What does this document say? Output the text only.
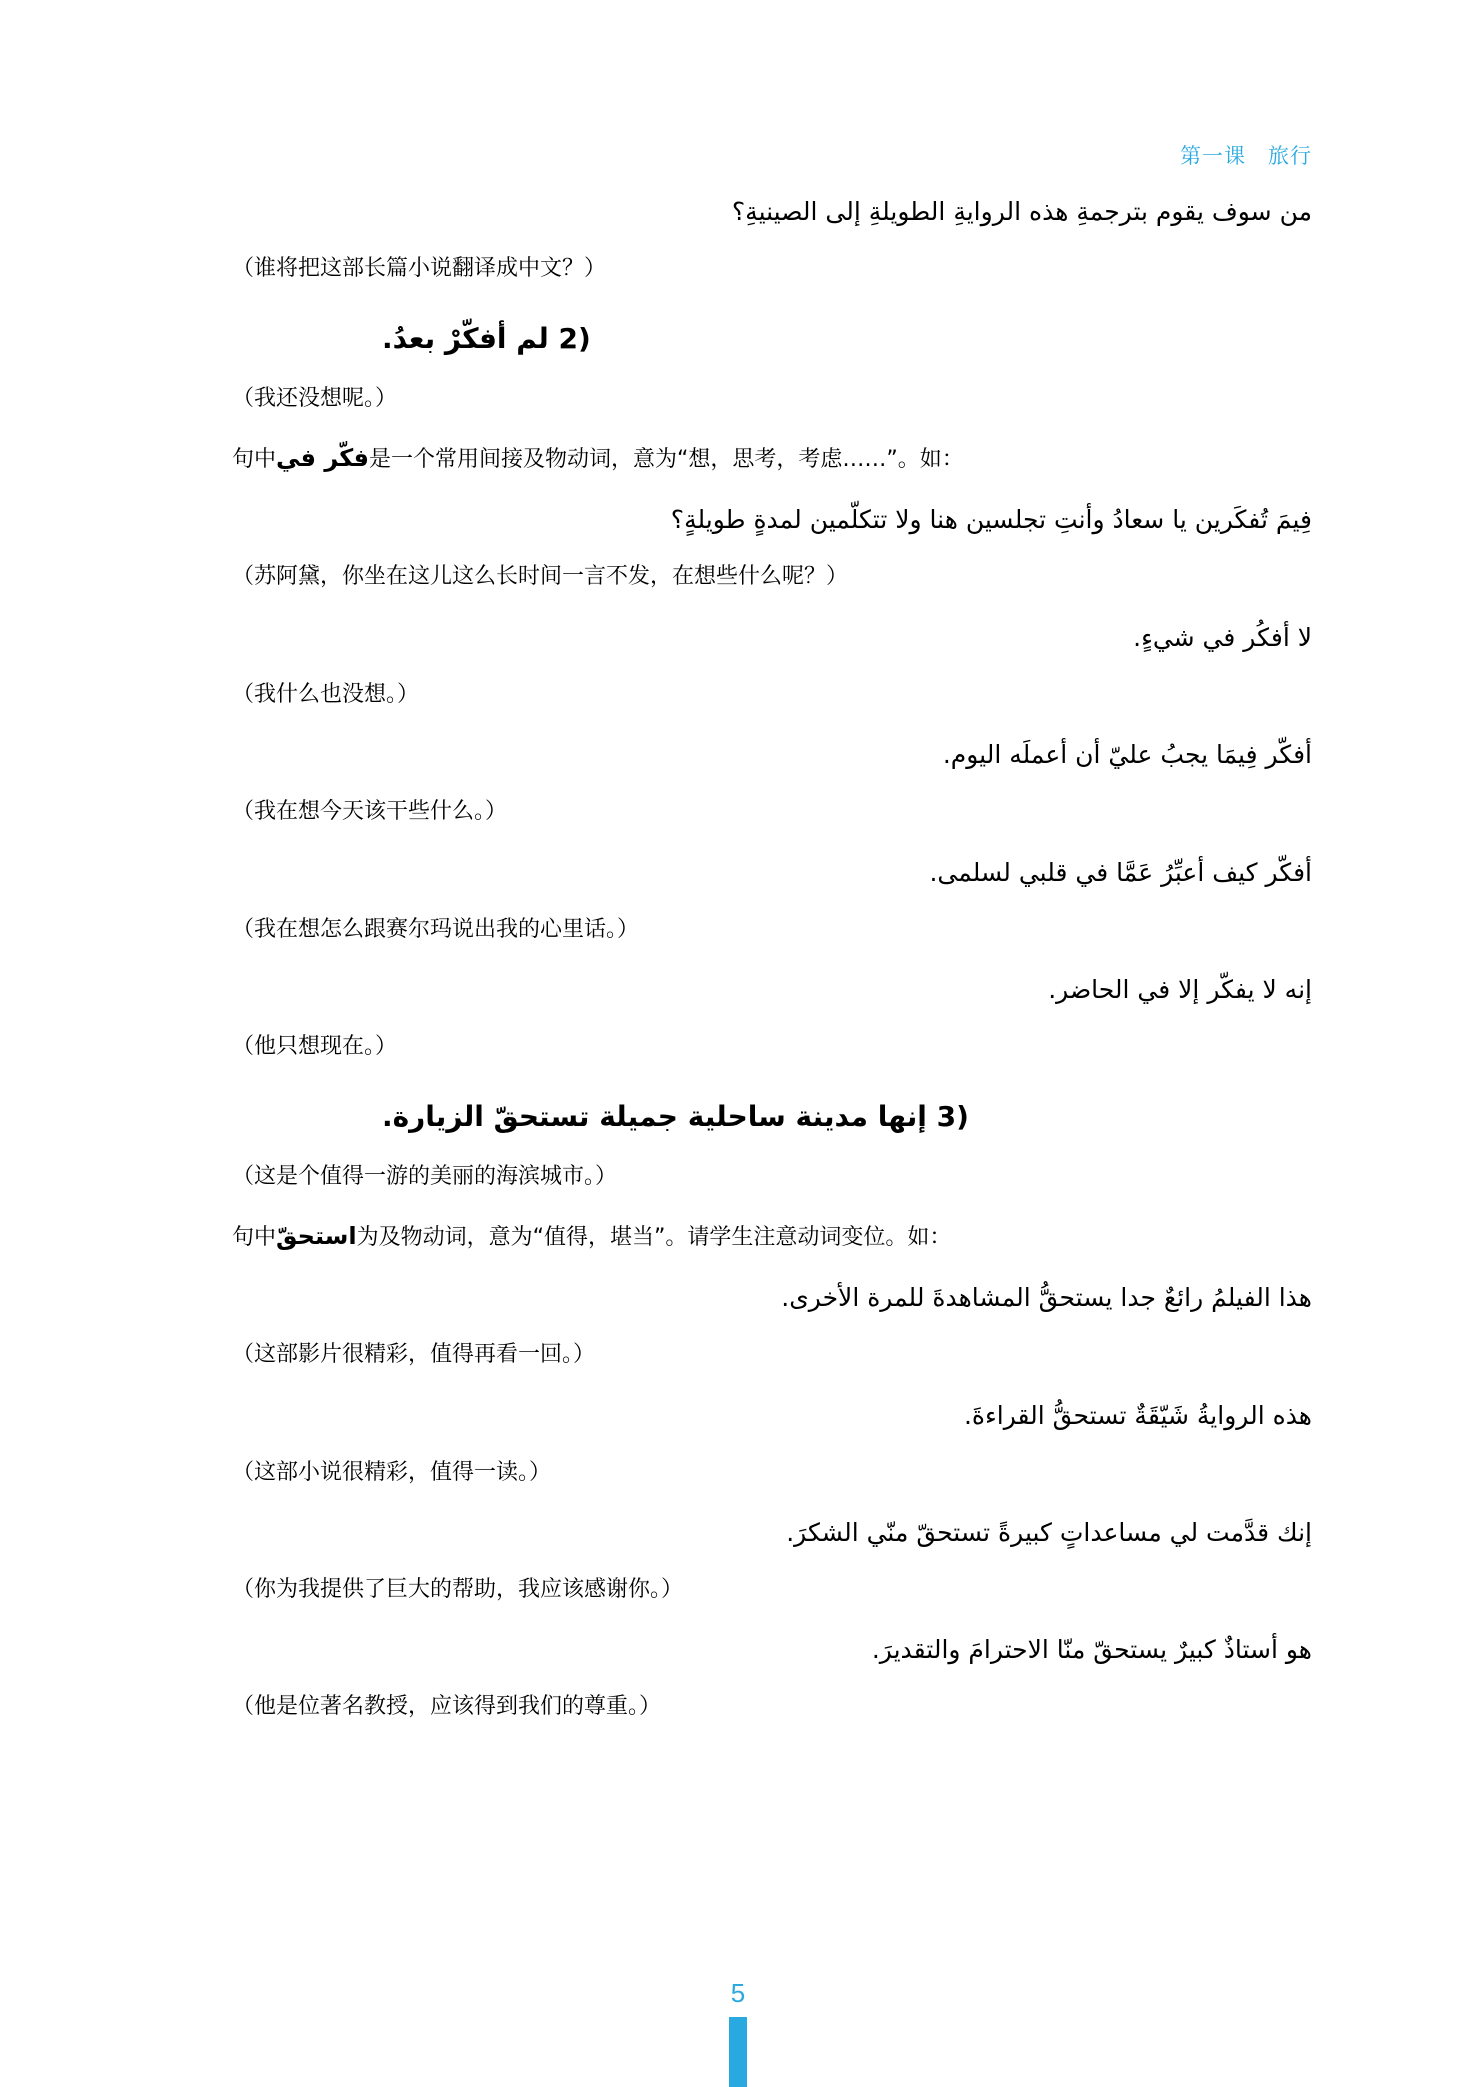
第一课　旅行
من سوف يقوم بترجمةِ هذه الروايةِ الطويلةِ إلى الصينيةِ؟
（谁将把这部长篇小说翻译成中文？）
2) لم أفكّرْ بعدُ.
（我还没想呢。）
句中فكّر في是一个常用间接及物动词，意为“想，思考，考虑……”。如：
فِيمَ تُفكَرين يا سعادُ وأنتِ تجلسين هنا ولا تتكلّمين لمدةٍ طويلةٍ؟
（苏阿黛，你坐在这儿这么长时间一言不发，在想些什么呢？）
لا أفكُر في شيءٍ.
（我什么也没想。）
أفكّر فِيمَا يجبُ عليّ أن أعملَه اليوم.
（我在想今天该干些什么。）
أفكّر كيف أعبِّرُ عَمَّا في قلبي لسلمى.
（我在想怎么跟赛尔玛说出我的心里话。）
إنه لا يفكّر إلا في الحاضر.
（他只想现在。）
3) إنها مدينة ساحلية جميلة تستحقّ الزيارة.
（这是个值得一游的美丽的海滨城市。）
句中استحقّ为及物动词，意为“值得，堪当”。请学生注意动词变位。如：
هذا الفيلمُ رائعٌ جدا يستحقُّ المشاهدةَ للمرة الأخرى.
（这部影片很精彩，值得再看一回。）
هذه الروايةُ شَيّقَةٌ تستحقُّ القراءةَ.
（这部小说很精彩，值得一读。）
إنك قدَّمت لي مساعداتٍ كبيرةً تستحقّ منّي الشكرَ.
（你为我提供了巨大的帮助，我应该感谢你。）
هو أستاذٌ كبيرٌ يستحقّ منّا الاحترامَ والتقديرَ.
（他是位著名教授，应该得到我们的尊重。）
5
